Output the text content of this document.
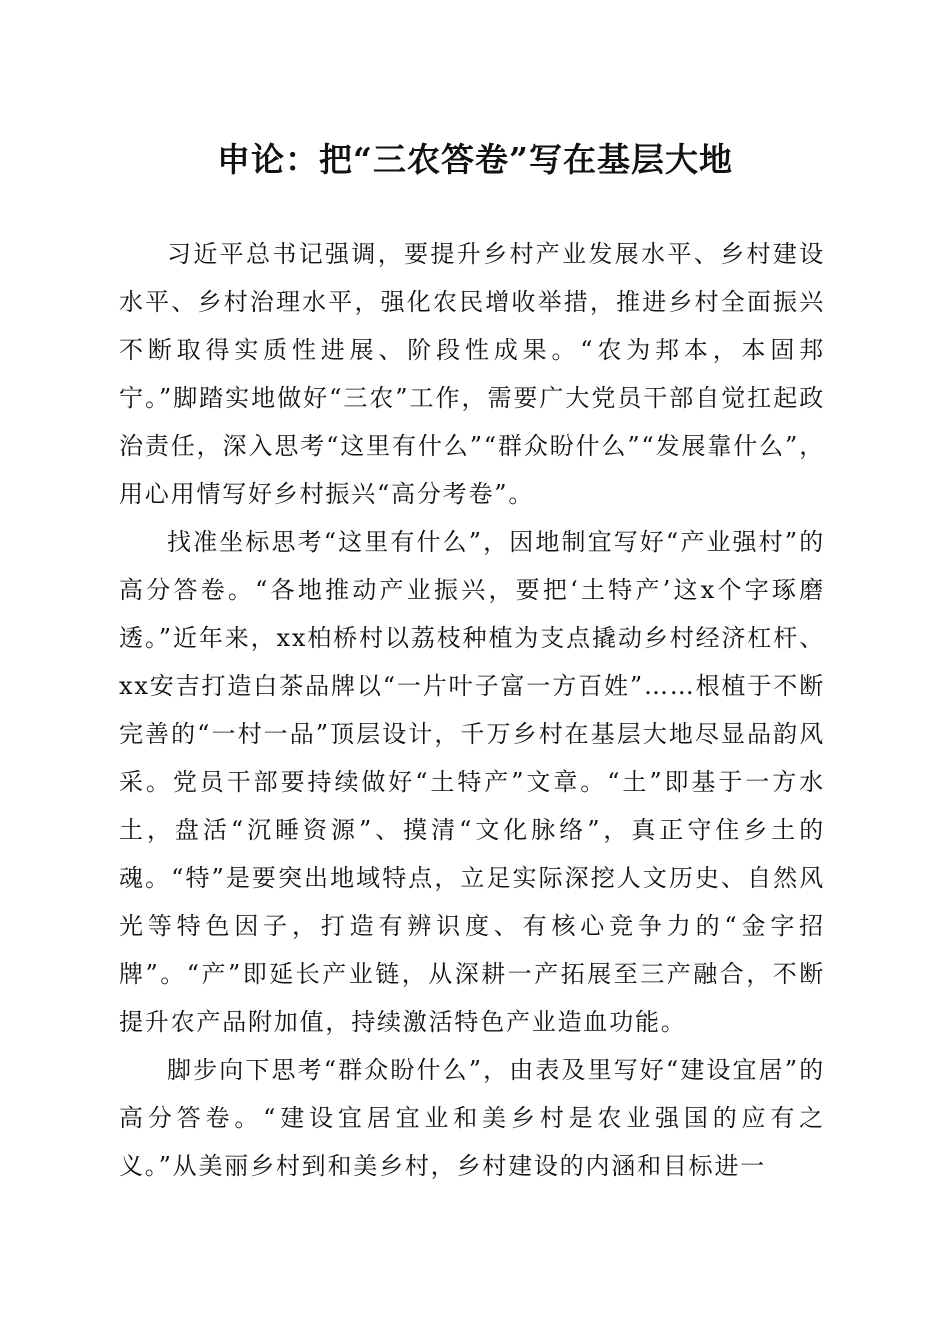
申论：把“三农答卷”写在基层大地

习近平总书记强调，要提升乡村产业发展水平、乡村建设水平、乡村治理水平，强化农民增收举措，推进乡村全面振兴不断取得实质性进展、阶段性成果。“农为邦本，本固邦宁。”脚踏实地做好“三农”工作，需要广大党员干部自觉扛起政治责任，深入思考“这里有什么”“群众盼什么”“发展靠什么”，用心用情写好乡村振兴“高分考卷”。

找准坐标思考“这里有什么”，因地制宜写好“产业强村”的高分答卷。“各地推动产业振兴，要把‘土特产’这x个字琢磨透。”近年来，xx柏桥村以荔枝种植为支点撬动乡村经济杠杆、xx安吉打造白茶品牌以“一片叶子富一方百姓”……根植于不断完善的“一村一品”顶层设计，千万乡村在基层大地尽显品韵风采。党员干部要持续做好“土特产”文章。“土”即基于一方水土，盘活“沉睡资源”、摸清“文化脉络”，真正守住乡土的魂。“特”是要突出地域特点，立足实际深挖人文历史、自然风光等特色因子，打造有辨识度、有核心竞争力的“金字招牌”。“产”即延长产业链，从深耕一产拓展至三产融合，不断提升农产品附加值，持续激活特色产业造血功能。

脚步向下思考“群众盼什么”，由表及里写好“建设宜居”的高分答卷。“建设宜居宜业和美乡村是农业强国的应有之义。”从美丽乡村到和美乡村，乡村建设的内涵和目标进一
